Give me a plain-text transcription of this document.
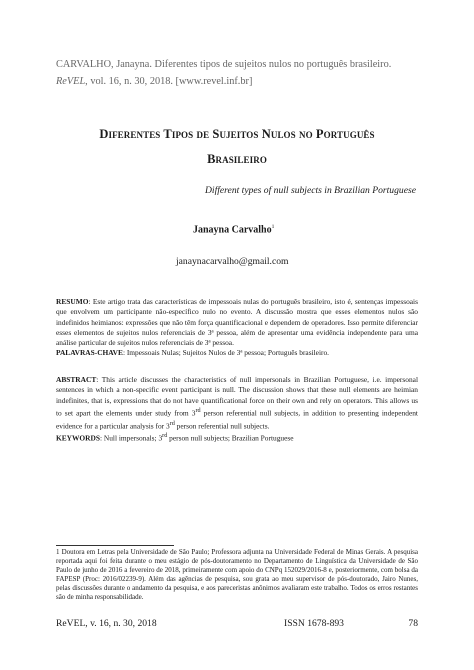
CARVALHO, Janayna. Diferentes tipos de sujeitos nulos no português brasileiro.
ReVEL, vol. 16, n. 30, 2018. [www.revel.inf.br]
Diferentes Tipos de Sujeitos Nulos no Português
Brasileiro
Different types of null subjects in Brazilian Portuguese
Janayna Carvalho$^1$
janaynacarvalho@gmail.com
RESUMO: Este artigo trata das características de impessoais nulas do português brasileiro, isto é, sentenças impessoais que envolvem um participante não-específico nulo no evento. A discussão mostra que esses elementos nulos são indefinidos heimianos: expressões que não têm força quantificacional e dependem de operadores. Isso permite diferenciar esses elementos de sujeitos nulos referenciais de 3ª pessoa, além de apresentar uma evidência independente para uma análise particular de sujeitos nulos referenciais de 3ª pessoa.
PALAVRAS-CHAVE: Impessoais Nulas; Sujeitos Nulos de 3ª pessoa; Português brasileiro.
ABSTRACT: This article discusses the characteristics of null impersonals in Brazilian Portuguese, i.e. impersonal sentences in which a non-specific event participant is null. The discussion shows that these null elements are heimian indefinites, that is, expressions that do not have quantificational force on their own and rely on operators. This allows us to set apart the elements under study from 3rd person referential null subjects, in addition to presenting independent evidence for a particular analysis for 3rd person referential null subjects.
KEYWORDS: Null impersonals; 3rd person null subjects; Brazilian Portuguese
1 Doutora em Letras pela Universidade de São Paulo; Professora adjunta na Universidade Federal de Minas Gerais. A pesquisa reportada aqui foi feita durante o meu estágio de pós-doutoramento no Departamento de Linguística da Universidade de São Paulo de junho de 2016 a fevereiro de 2018, primeiramente com apoio do CNPq 152029/2016-8 e, posteriormente, com bolsa da FAPESP (Proc: 2016/02239-9). Além das agências de pesquisa, sou grata ao meu supervisor de pós-doutorado, Jairo Nunes, pelas discussões durante o andamento da pesquisa, e aos pareceristas anônimos avaliaram este trabalho. Todos os erros restantes são de minha responsabilidade.
ReVEL, v. 16, n. 30, 2018	ISSN 1678-893	78
